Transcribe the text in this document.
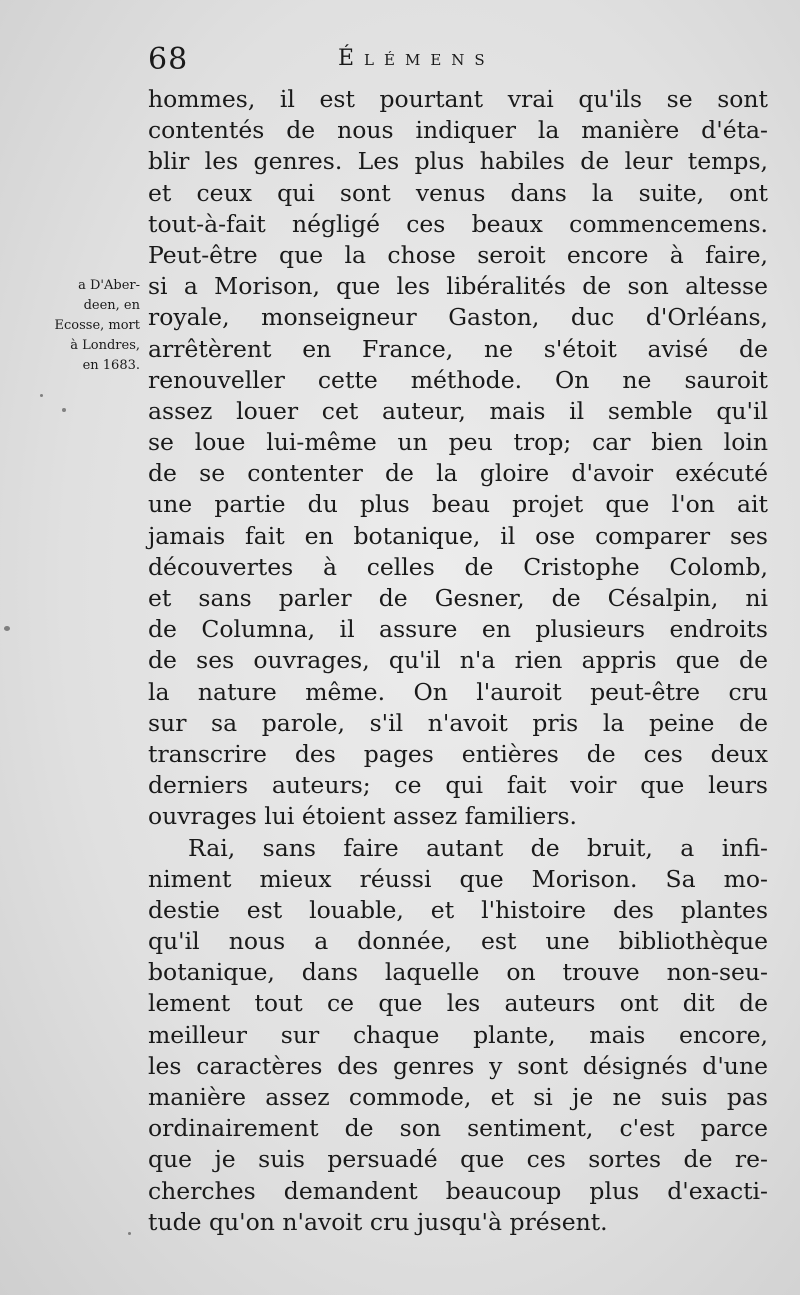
68	Élémens
a D'Aber-
deen, en
Ecosse, mort
à Londres,
en 1683.
hommes, il est pourtant vrai qu'ils se sont
contentés de nous indiquer la manière d'éta-
blir les genres. Les plus habiles de leur temps,
et ceux qui sont venus dans la suite, ont
tout-à-fait négligé ces beaux commencemens.
Peut-être que la chose seroit encore à faire,
si a Morison, que les libéralités de son altesse
royale, monseigneur Gaston, duc d'Orléans,
arrêtèrent en France, ne s'étoit avisé de
renouveller cette méthode. On ne sauroit
assez louer cet auteur, mais il semble qu'il
se loue lui-même un peu trop; car bien loin
de se contenter de la gloire d'avoir exécuté
une partie du plus beau projet que l'on ait
jamais fait en botanique, il ose comparer ses
découvertes à celles de Cristophe Colomb,
et sans parler de Gesner, de Césalpin, ni
de Columna, il assure en plusieurs endroits
de ses ouvrages, qu'il n'a rien appris que de
la nature même. On l'auroit peut-être cru
sur sa parole, s'il n'avoit pris la peine de
transcrire des pages entières de ces deux
derniers auteurs; ce qui fait voir que leurs
ouvrages lui étoient assez familiers.
Rai, sans faire autant de bruit, a infi-
niment mieux réussi que Morison. Sa mo-
destie est louable, et l'histoire des plantes
qu'il nous a donnée, est une bibliothèque
botanique, dans laquelle on trouve non-seu-
lement tout ce que les auteurs ont dit de
meilleur sur chaque plante, mais encore,
les caractères des genres y sont désignés d'une
manière assez commode, et si je ne suis pas
ordinairement de son sentiment, c'est parce
que je suis persuadé que ces sortes de re-
cherches demandent beaucoup plus d'exacti-
tude qu'on n'avoit cru jusqu'à présent.
